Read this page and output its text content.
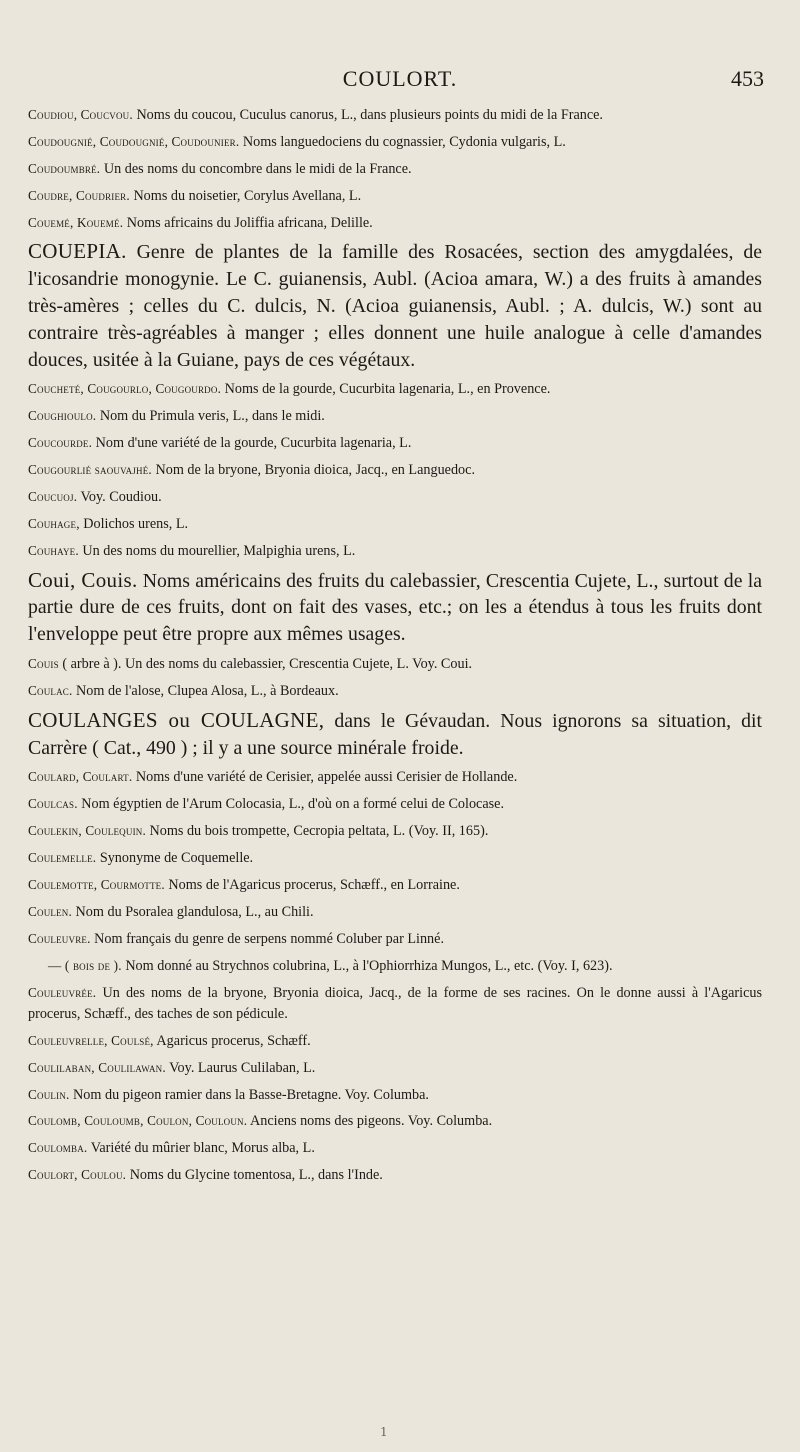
COULORT.	453

Coudiou, Coucvou. Noms du coucou, Cuculus canorus, L., dans plusieurs points du midi de la France.

Coudougnié, Coudougnié, Coudounier. Noms languedociens du cognassier, Cydonia vulgaris, L.

Coudoumbré. Un des noms du concombre dans le midi de la France.

Coudre, Coudrier. Noms du noisetier, Corylus Avellana, L.

Couemé, Kouemé. Noms africains du Joliffia africana, Delille.

COUEPIA. Genre de plantes de la famille des Rosacées, section des amygdalées, de l'icosandrie monogynie. Le C. guianensis, Aubl. (Acioa amara, W.) a des fruits à amandes très-amères ; celles du C. dulcis, N. (Acioa guianensis, Aubl. ; A. dulcis, W.) sont au contraire très-agréables à manger ; elles donnent une huile analogue à celle d'amandes douces, usitée à la Guiane, pays de ces végétaux.

Coucheté, Cougourlo, Cougourdo. Noms de la gourde, Cucurbita lagenaria, L., en Provence.

Coughioulo. Nom du Primula veris, L., dans le midi.

Coucourde. Nom d'une variété de la gourde, Cucurbita lagenaria, L.

Cougourlié saouvajhé. Nom de la bryone, Bryonia dioica, Jacq., en Languedoc.

Coucuoj. Voy. Coudiou.

Couhage, Dolichos urens, L.

Couhaye. Un des noms du mourellier, Malpighia urens, L.

Coui, Couis. Noms américains des fruits du calebassier, Crescentia Cujete, L., surtout de la partie dure de ces fruits, dont on fait des vases, etc.; on les a étendus à tous les fruits dont l'enveloppe peut être propre aux mêmes usages.

Couis ( arbre à ). Un des noms du calebassier, Crescentia Cujete, L. Voy. Coui.

Coulac. Nom de l'alose, Clupea Alosa, L., à Bordeaux.

COULANGES ou COULAGNE, dans le Gévaudan. Nous ignorons sa situation, dit Carrère ( Cat., 490 ) ; il y a une source minérale froide.

Coulard, Coulart. Noms d'une variété de Cerisier, appelée aussi Cerisier de Hollande.

Coulcas. Nom égyptien de l'Arum Colocasia, L., d'où on a formé celui de Colocase.

Coulekin, Coulequin. Noms du bois trompette, Cecropia peltata, L. (Voy. II, 165).

Coulemelle. Synonyme de Coquemelle.

Coulemotte, Courmotte. Noms de l'Agaricus procerus, Schæff., en Lorraine.

Coulen. Nom du Psoralea glandulosa, L., au Chili.

Couleuvre. Nom français du genre de serpens nommé Coluber par Linné.

— ( bois de ). Nom donné au Strychnos colubrina, L., à l'Ophiorrhiza Mungos, L., etc. (Voy. I, 623).

Couleuvrée. Un des noms de la bryone, Bryonia dioica, Jacq., de la forme de ses racines. On le donne aussi à l'Agaricus procerus, Schæff., des taches de son pédicule.

Couleuvrelle, Coulsé, Agaricus procerus, Schæff.

Coulilaban, Coulilawan. Voy. Laurus Culilaban, L.

Coulin. Nom du pigeon ramier dans la Basse-Bretagne. Voy. Columba.

Coulomb, Couloumb, Coulon, Couloun. Anciens noms des pigeons. Voy. Columba.

Coulomba. Variété du mûrier blanc, Morus alba, L.

Coulort, Coulou. Noms du Glycine tomentosa, L., dans l'Inde.

1
